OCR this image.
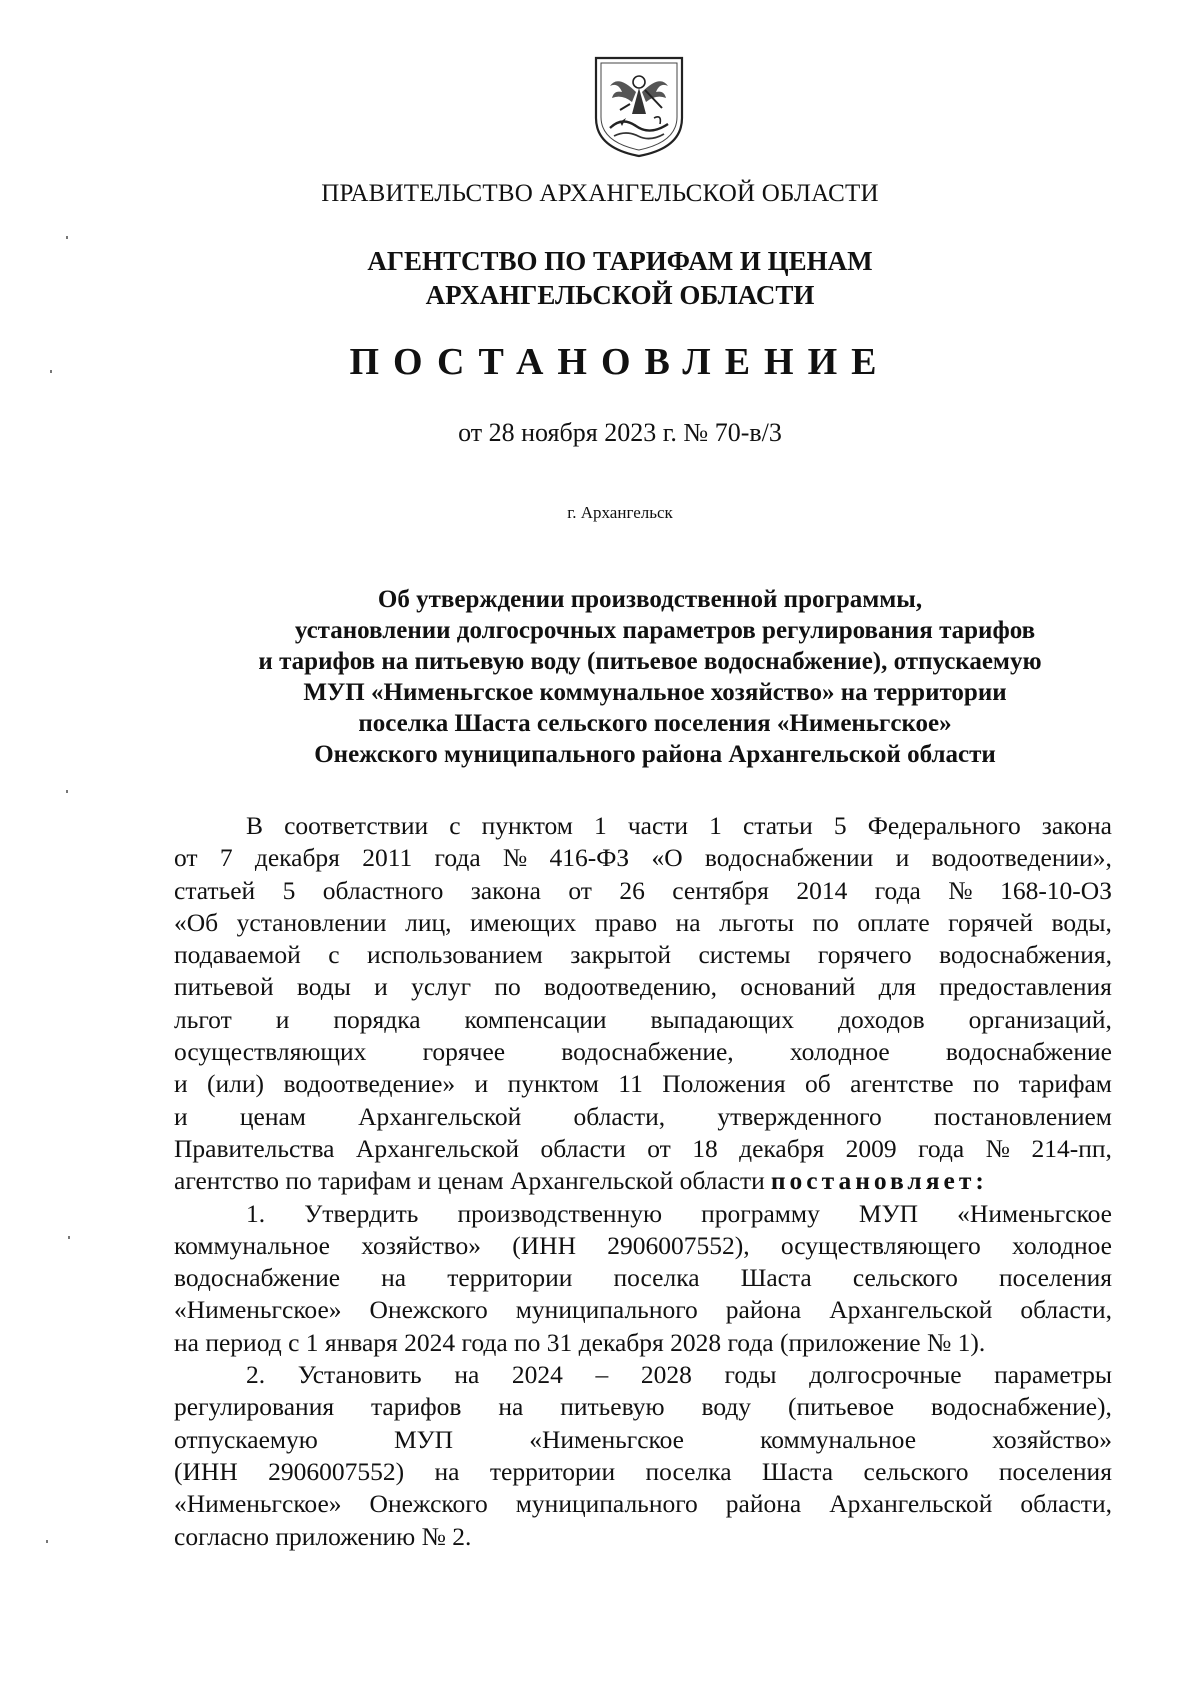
ПРАВИТЕЛЬСТВО АРХАНГЕЛЬСКОЙ ОБЛАСТИ
АГЕНТСТВО ПО ТАРИФАМ И ЦЕНАМ
АРХАНГЕЛЬСКОЙ ОБЛАСТИ
ПОСТАНОВЛЕНИЕ
от 28 ноября 2023 г. № 70-в/3
г. Архангельск
Об утверждении производственной программы,
установлении долгосрочных параметров регулирования тарифов
и тарифов на питьевую воду (питьевое водоснабжение), отпускаемую
МУП «Нименьгское коммунальное хозяйство» на территории
поселка Шаста сельского поселения «Нименьгское»
Онежского муниципального района Архангельской области
В соответствии с пунктом 1 части 1 статьи 5 Федерального закона
от 7 декабря 2011 года № 416-ФЗ «О водоснабжении и водоотведении»,
статьей 5 областного закона от 26 сентября 2014 года № 168-10-ОЗ
«Об установлении лиц, имеющих право на льготы по оплате горячей воды,
подаваемой с использованием закрытой системы горячего водоснабжения,
питьевой воды и услуг по водоотведению, оснований для предоставления
льгот и порядка компенсации выпадающих доходов организаций,
осуществляющих горячее водоснабжение, холодное водоснабжение
и (или) водоотведение» и пунктом 11 Положения об агентстве по тарифам
и ценам Архангельской области, утвержденного постановлением
Правительства Архангельской области от 18 декабря 2009 года № 214-пп,
агентство по тарифам и ценам Архангельской области постановляет:
1. Утвердить производственную программу МУП «Нименьгское
коммунальное хозяйство» (ИНН 2906007552), осуществляющего холодное
водоснабжение на территории поселка Шаста сельского поселения
«Нименьгское» Онежского муниципального района Архангельской области,
на период с 1 января 2024 года по 31 декабря 2028 года (приложение № 1).
2. Установить на 2024 – 2028 годы долгосрочные параметры
регулирования тарифов на питьевую воду (питьевое водоснабжение),
отпускаемую	МУП	«Нименьгское	коммунальное	хозяйство»
(ИНН 2906007552) на территории поселка Шаста сельского поселения
«Нименьгское» Онежского муниципального района Архангельской области,
согласно приложению № 2.
